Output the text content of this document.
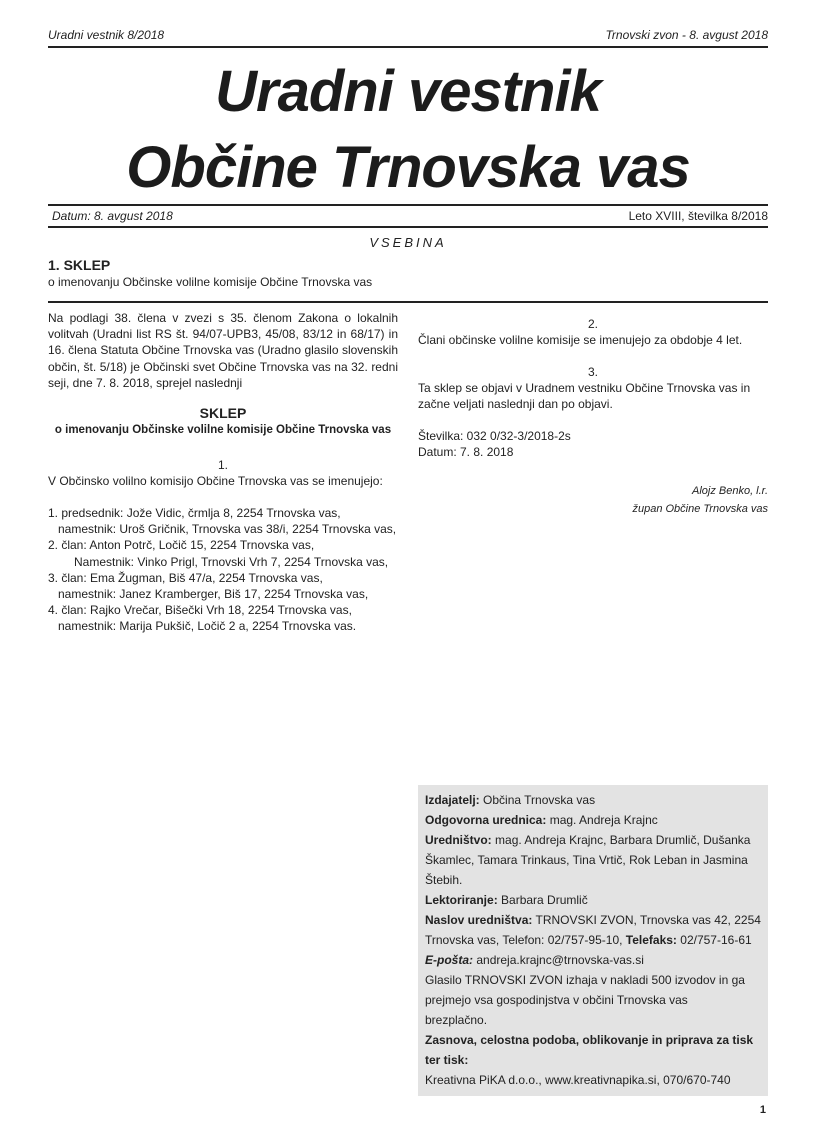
Uradni vestnik 8/2018	Trnovski zvon - 8. avgust 2018
Uradni vestnik
Občine Trnovska vas
Datum: 8. avgust 2018	Leto XVIII, številka 8/2018
VSEBINA
1. SKLEP
o imenovanju Občinske volilne komisije Občine Trnovska vas
Na podlagi 38. člena v zvezi s 35. členom Zakona o lokalnih volitvah (Uradni list RS št. 94/07-UPB3, 45/08, 83/12 in 68/17) in 16. člena Statuta Občine Trnovska vas (Uradno glasilo slovenskih občin, št. 5/18) je Občinski svet Občine Trnovska vas na 32. redni seji, dne 7. 8. 2018, sprejel naslednji
SKLEP
o imenovanju Občinske volilne komisije Občine Trnovska vas
1.
V Občinsko volilno komisijo Občine Trnovska vas se imenujejo:
1. predsednik: Jože Vidic, črmlja 8, 2254 Trnovska vas,
namestnik: Uroš Gričnik, Trnovska vas 38/i, 2254 Trnovska vas,
2. član: Anton Potrč, Ločič 15, 2254 Trnovska vas,
Namestnik: Vinko Prigl, Trnovski Vrh 7, 2254 Trnovska vas,
3. član: Ema Žugman, Biš 47/a, 2254 Trnovska vas,
namestnik: Janez Kramberger, Biš 17, 2254 Trnovska vas,
4. član: Rajko Vrečar, Bišečki Vrh 18, 2254 Trnovska vas,
namestnik: Marija Pukšič, Ločič 2 a, 2254 Trnovska vas.
2.
Člani občinske volilne komisije se imenujejo za obdobje 4 let.
3.
Ta sklep se objavi v Uradnem vestniku Občine Trnovska vas in začne veljati naslednji dan po objavi.
Številka: 032 0/32-3/2018-2s
Datum: 7. 8. 2018
Alojz Benko, l.r.
župan Občine Trnovska vas
Izdajatelj: Občina Trnovska vas
Odgovorna urednica: mag. Andreja Krajnc
Uredništvo: mag. Andreja Krajnc, Barbara Drumlič, Dušanka
Škamlec, Tamara Trinkaus, Tina Vrtič, Rok Leban in Jasmina
Štebih.
Lektoriranje: Barbara Drumlič
Naslov uredništva: TRNOVSKI ZVON, Trnovska vas 42, 2254
Trnovska vas, Telefon: 02/757-95-10, Telefaks: 02/757-16-61
E-pošta: andreja.krajnc@trnovska-vas.si
Glasilo TRNOVSKI ZVON izhaja v nakladi 500 izvodov in ga
prejmejo vsa gospodinjstva v občini Trnovska vas
brezplačno.
Zasnova, celostna podoba, oblikovanje in priprava za tisk
ter tisk:
Kreativna PiKA d.o.o., www.kreativnapika.si, 070/670-740
1
